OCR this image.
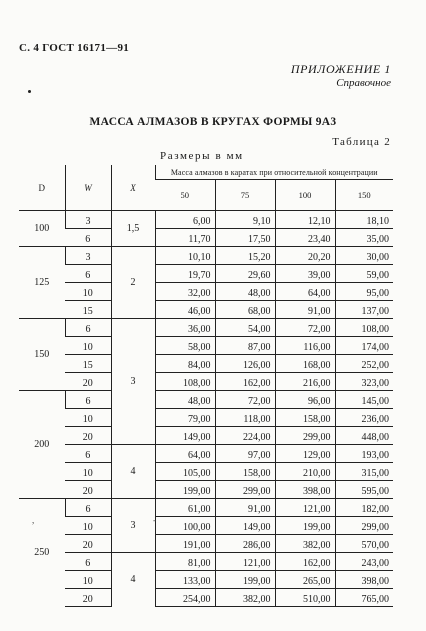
С. 4 ГОСТ 16171—91
ПРИЛОЖЕНИЕ 1
Справочное
МАССА АЛМАЗОВ В КРУГАХ ФОРМЫ 9А3
Таблица 2
Размеры в мм
D	W	X	Масса алмазов в каратах при относительной концентрации			
			50	75	100	150
100	3	1,5	6,00	9,10	12,10	18,10
	6		11,70	17,50	23,40	35,00
125	3	2	10,10	15,20	20,20	30,00
	6		19,70	29,60	39,00	59,00
	10		32,00	48,00	64,00	95,00
	15		46,00	68,00	91,00	137,00
150	6	3	36,00	54,00	72,00	108,00
	10		58,00	87,00	116,00	174,00
	15		84,00	126,00	168,00	252,00
	20		108,00	162,00	216,00	323,00
200	6		48,00	72,00	96,00	145,00
	10		79,00	118,00	158,00	236,00
	20		149,00	224,00	299,00	448,00
	6	4	64,00	97,00	129,00	193,00
	10		105,00	158,00	210,00	315,00
	20		199,00	299,00	398,00	595,00
250	6	3	61,00	91,00	121,00	182,00
	10		100,00	149,00	199,00	299,00
	20		191,00	286,00	382,00	570,00
	6	4	81,00	121,00	162,00	243,00
	10		133,00	199,00	265,00	398,00
	20		254,00	382,00	510,00	765,00
-
,
